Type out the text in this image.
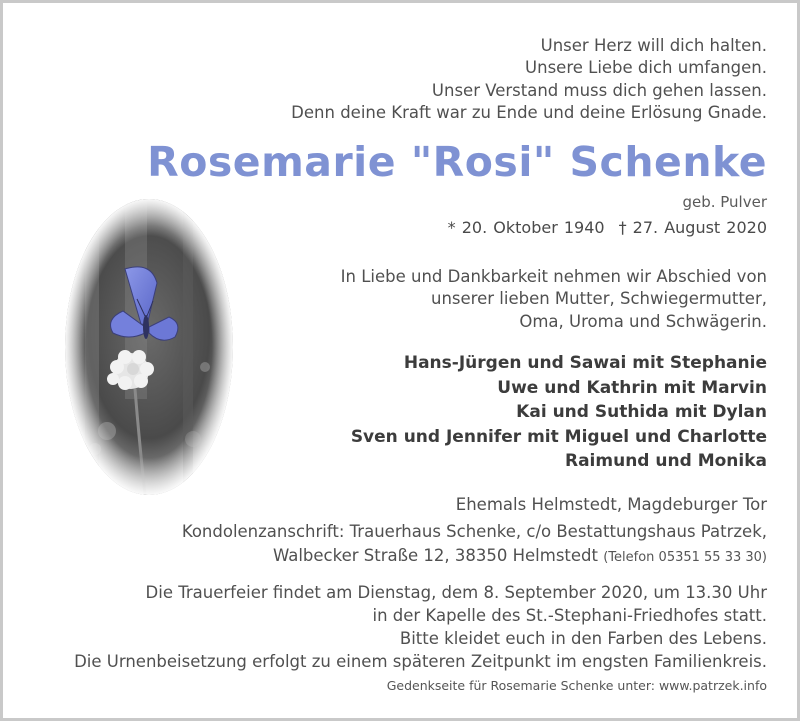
Unser Herz will dich halten.
Unsere Liebe dich umfangen.
Unser Verstand muss dich gehen lassen.
Denn deine Kraft war zu Ende und deine Erlösung Gnade.
Rosemarie "Rosi" Schenke
geb. Pulver
* 20. Oktober 1940 † 27. August 2020
In Liebe und Dankbarkeit nehmen wir Abschied von
unserer lieben Mutter, Schwiegermutter,
Oma, Uroma und Schwägerin.
Hans-Jürgen und Sawai mit Stephanie
Uwe und Kathrin mit Marvin
Kai und Suthida mit Dylan
Sven und Jennifer mit Miguel und Charlotte
Raimund und Monika
Ehemals Helmstedt, Magdeburger Tor
Kondolenzanschrift: Trauerhaus Schenke, c/o Bestattungshaus Patrzek,
Walbecker Straße 12, 38350 Helmstedt (Telefon 05351 55 33 30)
Die Trauerfeier findet am Dienstag, dem 8. September 2020, um 13.30 Uhr
in der Kapelle des St.-Stephani-Friedhofes statt.
Bitte kleidet euch in den Farben des Lebens.
Die Urnenbeisetzung erfolgt zu einem späteren Zeitpunkt im engsten Familienkreis.
Gedenkseite für Rosemarie Schenke unter: www.patrzek.info
